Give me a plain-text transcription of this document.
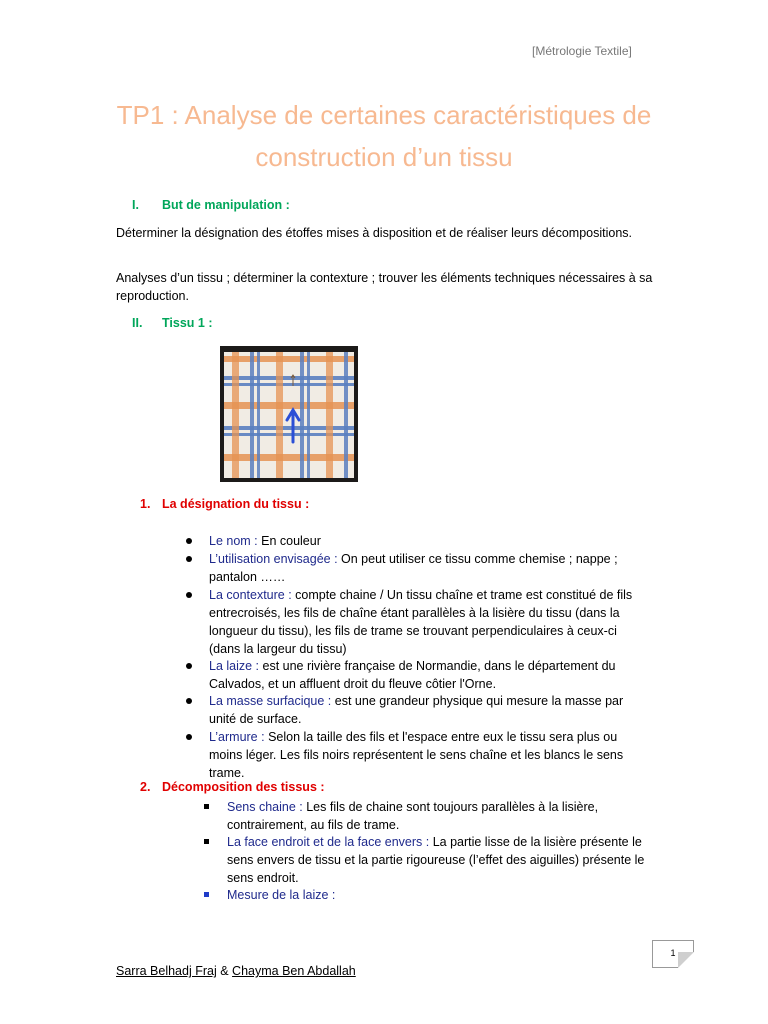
[Métrologie Textile]
TP1 : Analyse de certaines caractéristiques de
construction d’un tissu
I. But de manipulation :

Déterminer la désignation des étoffes mises à disposition et de réaliser leurs décompositions.

Analyses d’un tissu ; déterminer la contexture ; trouver les éléments techniques nécessaires à sa reproduction.

II. Tissu 1 :
1. La désignation du tissu :
Le nom : En couleur
L’utilisation envisagée : On peut utiliser ce tissu comme chemise ; nappe ; pantalon ……
La contexture : compte chaine / Un tissu chaîne et trame est constitué de fils entrecroisés, les fils de chaîne étant parallèles à la lisière du tissu (dans la longueur du tissu), les fils de trame se trouvant perpendiculaires à ceux-ci (dans la largeur du tissu)
La laize : est une rivière française de Normandie, dans le département du Calvados, et un affluent droit du fleuve côtier l'Orne.
La masse surfacique : est une grandeur physique qui mesure la masse par unité de surface.
L’armure : Selon la taille des fils et l'espace entre eux le tissu sera plus ou moins léger. Les fils noirs représentent le sens chaîne et les blancs le sens trame.
2. Décomposition des tissus :
Sens chaine : Les fils de chaine sont toujours parallèles à la lisière, contrairement, au fils de trame.
La face endroit et de la face envers : La partie lisse de la lisière présente le sens envers de tissu et la partie rigoureuse (l’effet des aiguilles) présente le sens endroit.
Mesure de la laize :
1
Sarra Belhadj Fraj & Chayma Ben Abdallah
